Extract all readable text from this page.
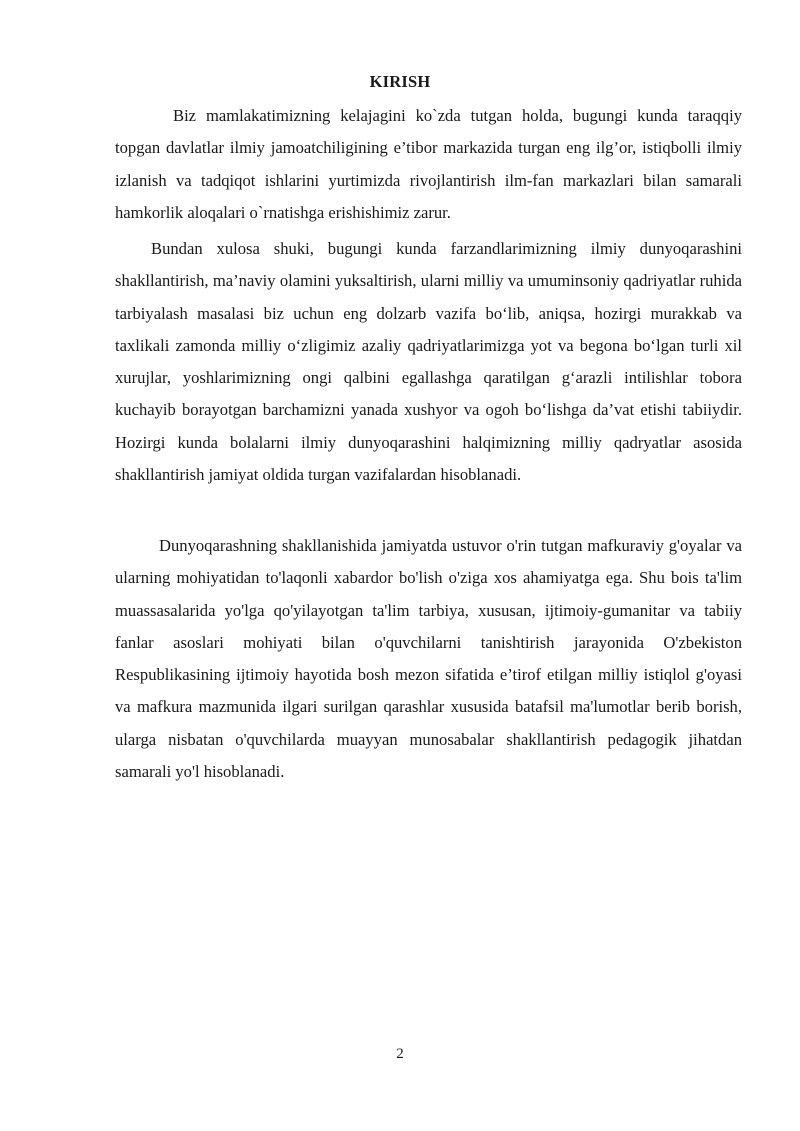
KIRISH

Biz mamlakatimizning kelajagini ko`zda tutgan holda, bugungi kunda taraqqiy topgan davlatlar ilmiy jamoatchiligining e’tibor markazida turgan eng ilg’or, istiqbolli ilmiy izlanish va tadqiqot ishlarini yurtimizda rivojlantirish ilm-fan markazlari bilan samarali hamkorlik aloqalari o`rnatishga erishishimiz zarur.

Bundan xulosa shuki, bugungi kunda farzandlarimizning ilmiy dunyoqarashini shakllantirish, ma’naviy olamini yuksaltirish, ularni milliy va umuminsoniy qadriyatlar ruhida tarbiyalash masalasi biz uchun eng dolzarb vazifa bo‘lib, aniqsa, hozirgi murakkab va taxlikali zamonda milliy o‘zligimiz azaliy qadriyatlarimizga yot va begona bo‘lgan turli xil xurujlar, yoshlarimizning ongi qalbini egallashga qaratilgan g‘arazli intilishlar tobora kuchayib borayotgan barchamizni yanada xushyor va ogoh bo‘lishga da’vat etishi tabiiydir. Hozirgi kunda bolalarni ilmiy dunyoqarashini halqimizning milliy qadryatlar asosida shakllantirish jamiyat oldida turgan vazifalardan hisoblanadi.

Dunyoqarashning shakllanishida jamiyatda ustuvor o'rin tutgan mafkuraviy g'oyalar va ularning mohiyatidan to'laqonli xabardor bo'lish o'ziga xos ahamiyatga ega. Shu bois ta'lim muassasalarida yo'lga qo'yilayotgan ta'lim tarbiya, xususan, ijtimoiy-gumanitar va tabiiy fanlar asoslari mohiyati bilan o'quvchilarni tanishtirish jarayonida O'zbekiston Respublikasining ijtimoiy hayotida bosh mezon sifatida e’tirof etilgan milliy istiqlol g'oyasi va mafkura mazmunida ilgari surilgan qarashlar xususida batafsil ma'lumotlar berib borish, ularga nisbatan o'quvchilarda muayyan munosabalar shakllantirish pedagogik jihatdan samarali yo'l hisoblanadi.

2
